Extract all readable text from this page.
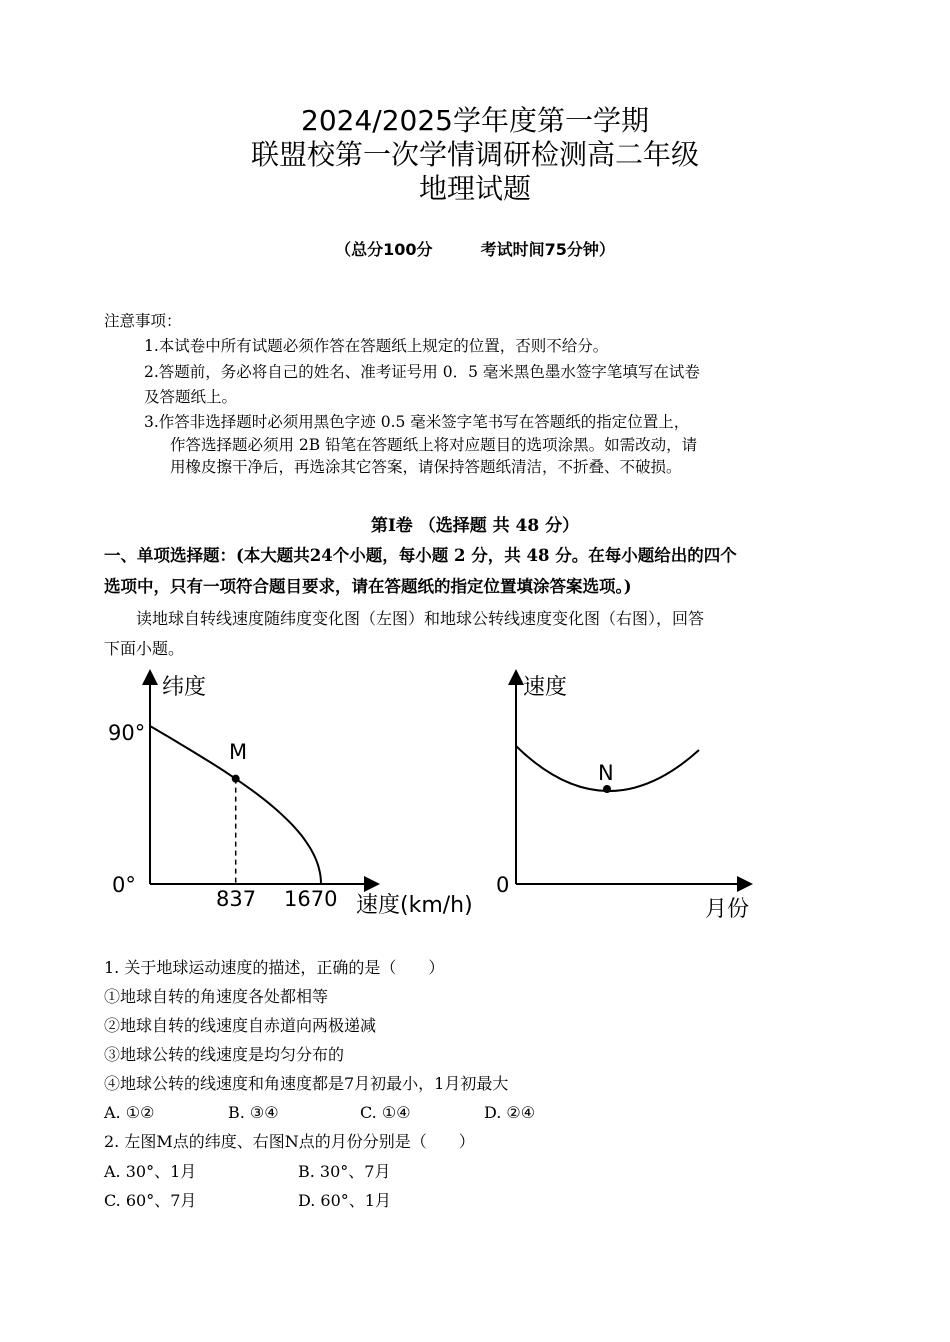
2024/2025学年度第一学期
联盟校第一次学情调研检测高二年级
地理试题
（总分100分	考试时间75分钟）
注意事项：
1.本试卷中所有试题必须作答在答题纸上规定的位置，否则不给分。
2.答题前，务必将自己的姓名、准考证号用 0．5 毫米黑色墨水签字笔填写在试卷
及答题纸上。
3.作答非选择题时必须用黑色字迹 0.5 毫米签字笔书写在答题纸的指定位置上，
作答选择题必须用 2B 铅笔在答题纸上将对应题目的选项涂黑。如需改动，请
用橡皮擦干净后，再选涂其它答案，请保持答题纸清洁，不折叠、不破损。
第Ⅰ卷 （选择题 共 48 分）
一、单项选择题：(本大题共24个小题，每小题 2 分，共 48 分。在每小题给出的四个
选项中，只有一项符合题目要求，请在答题纸的指定位置填涂答案选项。)
读地球自转线速度随纬度变化图（左图）和地球公转线速度变化图（右图），回答
下面小题。
纬度
90°
0°
837 1670 速度(km/h)
M
速度
0
N
月份
1. 关于地球运动速度的描述，正确的是（　　）
①地球自转的角速度各处都相等
②地球自转的线速度自赤道向两极递减
③地球公转的线速度是均匀分布的
④地球公转的线速度和角速度都是7月初最小，1月初最大
A. ①②	B. ③④	C. ①④	D. ②④
2. 左图M点的纬度、右图N点的月份分别是（　　）
A. 30°、1月	B. 30°、7月
C. 60°、7月	D. 60°、1月
